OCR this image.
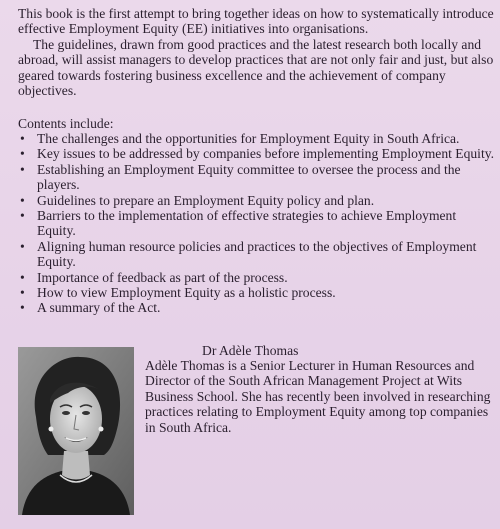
This book is the first attempt to bring together ideas on how to systematically introduce effective Employment Equity (EE) initiatives into organisations.

The guidelines, drawn from good practices and the latest research both locally and abroad, will assist managers to develop practices that are not only fair and just, but also geared towards fostering business excellence and the achievement of company objectives.

Contents include:

• The challenges and the opportunities for Employment Equity in South Africa.
• Key issues to be addressed by companies before implementing Employment Equity.
• Establishing an Employment Equity committee to oversee the process and the players.
• Guidelines to prepare an Employment Equity policy and plan.
• Barriers to the implementation of effective strategies to achieve Employment Equity.
• Aligning human resource policies and practices to the objectives of Employment Equity.
• Importance of feedback as part of the process.
• How to view Employment Equity as a holistic process.
• A summary of the Act.

Dr Adèle Thomas

Adèle Thomas is a Senior Lecturer in Human Resources and Director of the South African Management Project at Wits Business School. She has recently been involved in researching practices relating to Employment Equity among top companies in South Africa.
